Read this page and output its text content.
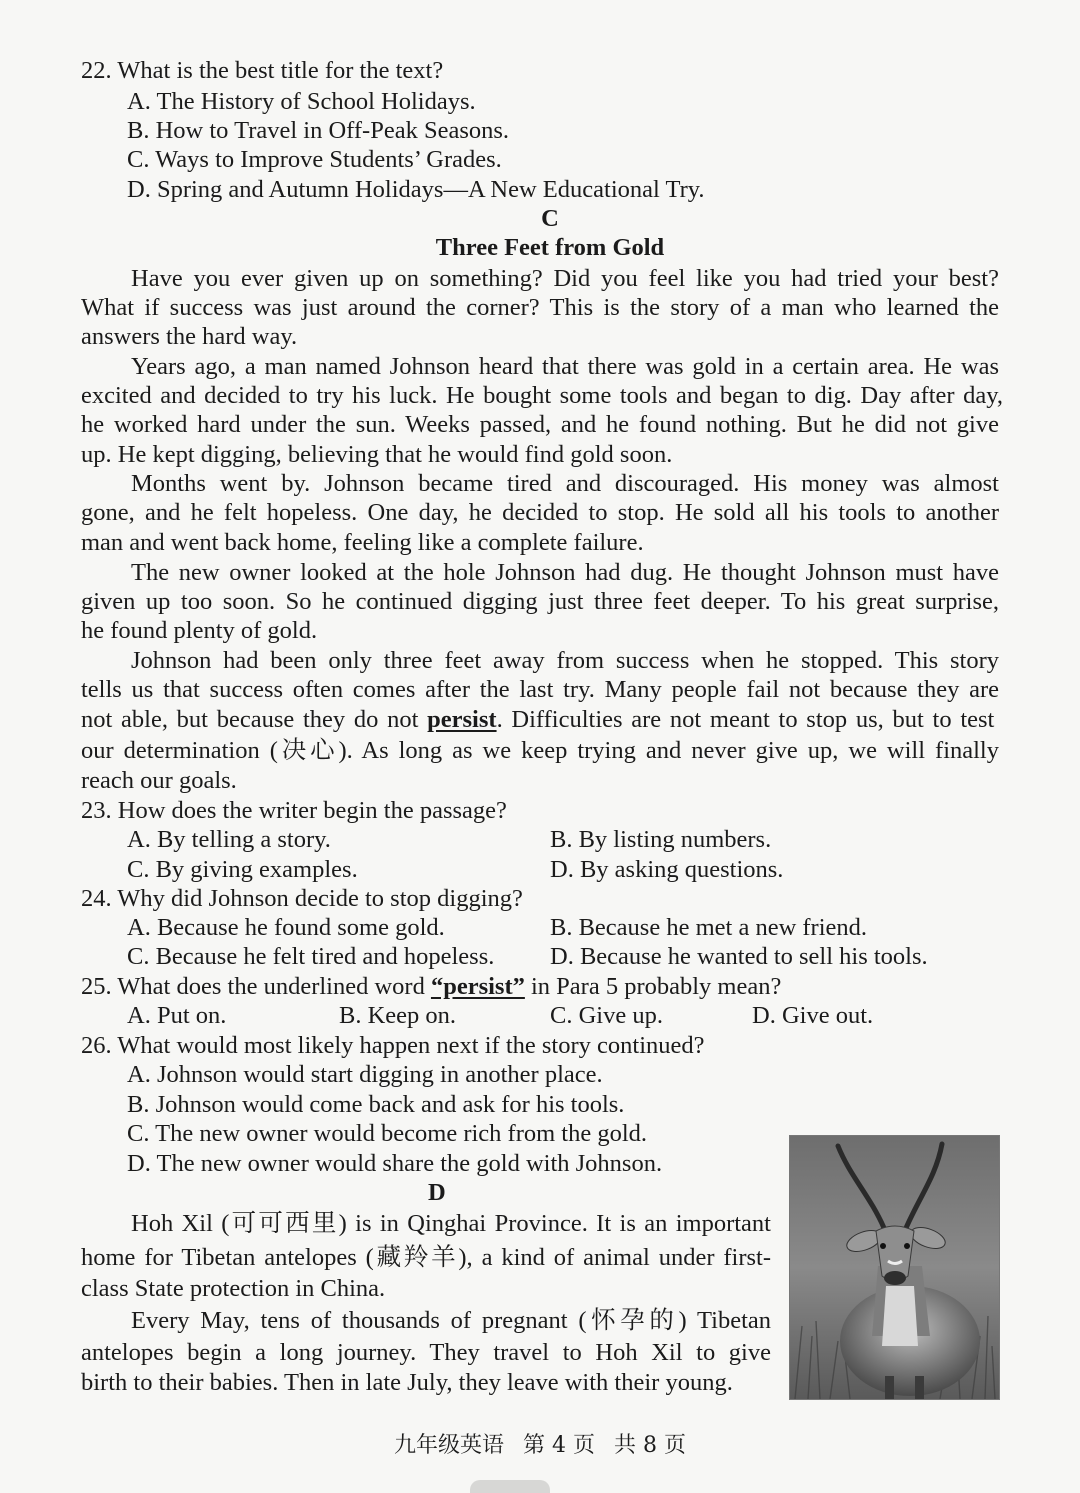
22. What is the best title for the text?
A. The History of School Holidays.
B. How to Travel in Off-Peak Seasons.
C. Ways to Improve Students’ Grades.
D. Spring and Autumn Holidays—A New Educational Try.
C
Three Feet from Gold
Have you ever given up on something? Did you feel like you had tried your best?
What if success was just around the corner? This is the story of a man who learned the
answers the hard way.
Years ago, a man named Johnson heard that there was gold in a certain area. He was
excited and decided to try his luck. He bought some tools and began to dig. Day after day,
he worked hard under the sun. Weeks passed, and he found nothing. But he did not give
up. He kept digging, believing that he would find gold soon.
Months went by. Johnson became tired and discouraged. His money was almost
gone, and he felt hopeless. One day, he decided to stop. He sold all his tools to another
man and went back home, feeling like a complete failure.
The new owner looked at the hole Johnson had dug. He thought Johnson must have
given up too soon. So he continued digging just three feet deeper. To his great surprise,
he found plenty of gold.
Johnson had been only three feet away from success when he stopped. This story
tells us that success often comes after the last try. Many people fail not because they are
not able, but because they do not persist. Difficulties are not meant to stop us, but to test
our determination (决心). As long as we keep trying and never give up, we will finally
reach our goals.
23. How does the writer begin the passage?
A. By telling a story.	B. By listing numbers.
C. By giving examples.	D. By asking questions.
24. Why did Johnson decide to stop digging?
A. Because he found some gold.	B. Because he met a new friend.
C. Because he felt tired and hopeless. D. Because he wanted to sell his tools.
25. What does the underlined word “persist” in Para 5 probably mean?
A. Put on.	B. Keep on.	C. Give up.	D. Give out.
26. What would most likely happen next if the story continued?
A. Johnson would start digging in another place.
B. Johnson would come back and ask for his tools.
C. The new owner would become rich from the gold.
D. The new owner would share the gold with Johnson.
D
Hoh Xil (可可西里) is in Qinghai Province. It is an important
home for Tibetan antelopes (藏羚羊), a kind of animal under first-
class State protection in China.
Every May, tens of thousands of pregnant (怀孕的) Tibetan
antelopes begin a long journey. They travel to Hoh Xil to give
birth to their babies. Then in late July, they leave with their young.
九年级英语 第 4 页 共 8 页
